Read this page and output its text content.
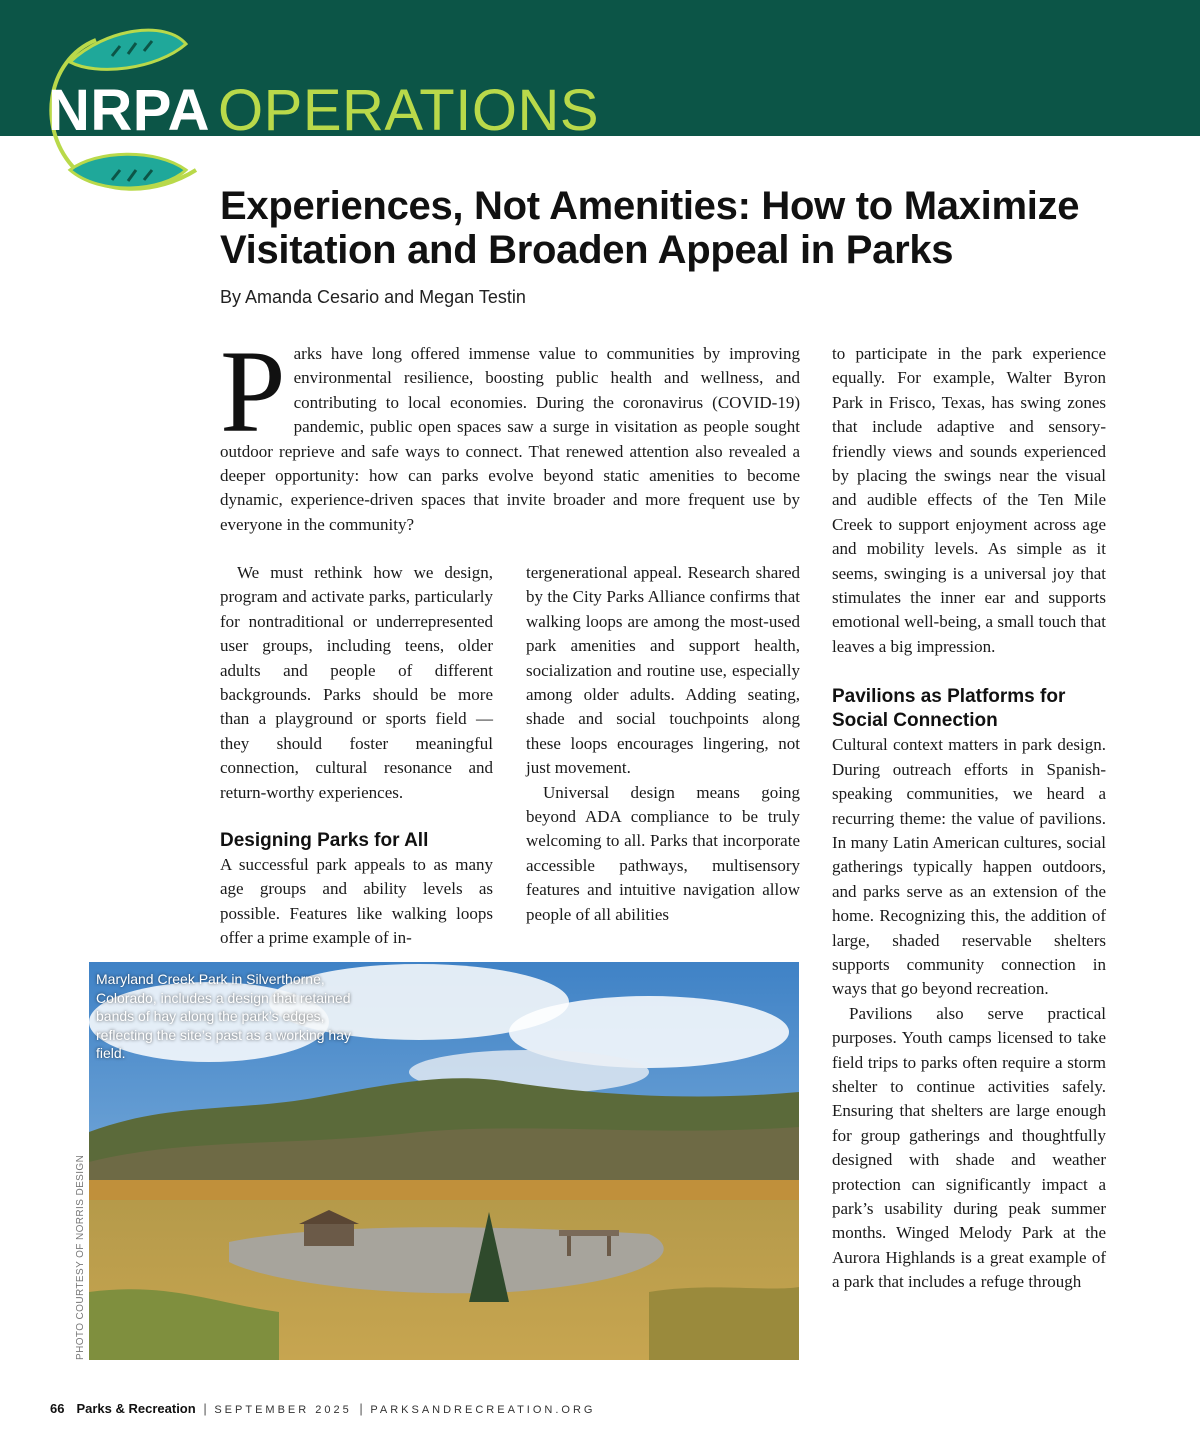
NRPA OPERATIONS
Experiences, Not Amenities: How to Maximize Visitation and Broaden Appeal in Parks
By Amanda Cesario and Megan Testin
P arks have long offered immense value to communities by improving environmental resilience, boosting public health and wellness, and contributing to local economies. During the coronavirus (COVID-19) pandemic, public open spaces saw a surge in visitation as people sought outdoor reprieve and safe ways to connect. That renewed attention also revealed a deeper opportunity: how can parks evolve beyond static amenities to become dynamic, experience-driven spaces that invite broader and more frequent use by everyone in the community?

We must rethink how we design, program and activate parks, particularly for nontraditional or underrepresented user groups, including teens, older adults and people of different backgrounds. Parks should be more than a playground or sports field — they should foster meaningful connection, cultural resonance and return-worthy experiences.

Designing Parks for All

A successful park appeals to as many age groups and ability levels as possible. Features like walking loops offer a prime example of in-

tergenerational appeal. Research shared by the City Parks Alliance confirms that walking loops are among the most-used park amenities and support health, socialization and routine use, especially among older adults. Adding seating, shade and social touchpoints along these loops encourages lingering, not just movement.

Universal design means going beyond ADA compliance to be truly welcoming to all. Parks that incorporate accessible pathways, multisensory features and intuitive navigation allow people of all abilities

to participate in the park experience equally. For example, Walter Byron Park in Frisco, Texas, has swing zones that include adaptive and sensory-friendly views and sounds experienced by placing the swings near the visual and audible effects of the Ten Mile Creek to support enjoyment across age and mobility levels. As simple as it seems, swinging is a universal joy that stimulates the inner ear and supports emotional well-being, a small touch that leaves a big impression.

Pavilions as Platforms for Social Connection

Cultural context matters in park design. During outreach efforts in Spanish-speaking communities, we heard a recurring theme: the value of pavilions. In many Latin American cultures, social gatherings typically happen outdoors, and parks serve as an extension of the home. Recognizing this, the addition of large, shaded reservable shelters supports community connection in ways that go beyond recreation.

Pavilions also serve practical purposes. Youth camps licensed to take field trips to parks often require a storm shelter to continue activities safely. Ensuring that shelters are large enough for group gatherings and thoughtfully designed with shade and weather protection can significantly impact a park’s usability during peak summer months. Winged Melody Park at the Aurora Highlands is a great example of a park that includes a refuge through

Maryland Creek Park in Silverthorne, Colorado, includes a design that retained bands of hay along the park’s edges, reflecting the site’s past as a working hay field.
PHOTO COURTESY OF NORRIS DESIGN
66 Parks & Recreation | SEPTEMBER 2025 | PARKSANDRECREATION.ORG
